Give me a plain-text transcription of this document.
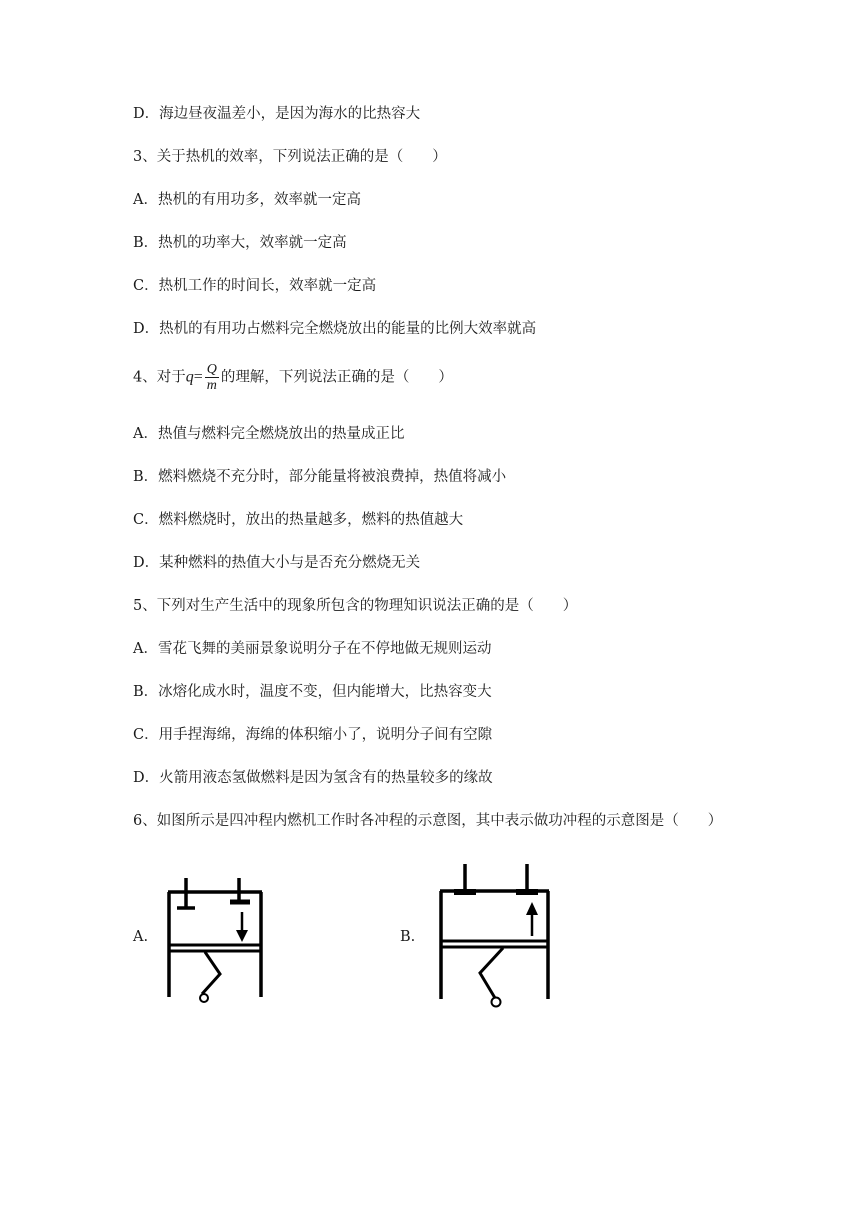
D．海边昼夜温差小，是因为海水的比热容大
3、关于热机的效率，下列说法正确的是（　　）
A．热机的有用功多，效率就一定高
B．热机的功率大，效率就一定高
C．热机工作的时间长，效率就一定高
D．热机的有用功占燃料完全燃烧放出的能量的比例大效率就高
4、对于$q= \frac{Q}{m}$ 的理解，下列说法正确的是（　　）
A．热值与燃料完全燃烧放出的热量成正比
B．燃料燃烧不充分时，部分能量将被浪费掉，热值将减小
C．燃料燃烧时，放出的热量越多，燃料的热值越大
D．某种燃料的热值大小与是否充分燃烧无关
5、下列对生产生活中的现象所包含的物理知识说法正确的是（　　）
A．雪花飞舞的美丽景象说明分子在不停地做无规则运动
B．冰熔化成水时，温度不变，但内能增大，比热容变大
C．用手捏海绵，海绵的体积缩小了，说明分子间有空隙
D．火箭用液态氢做燃料是因为氢含有的热量较多的缘故
6、如图所示是四冲程内燃机工作时各冲程的示意图，其中表示做功冲程的示意图是（　　）
A.	B.
